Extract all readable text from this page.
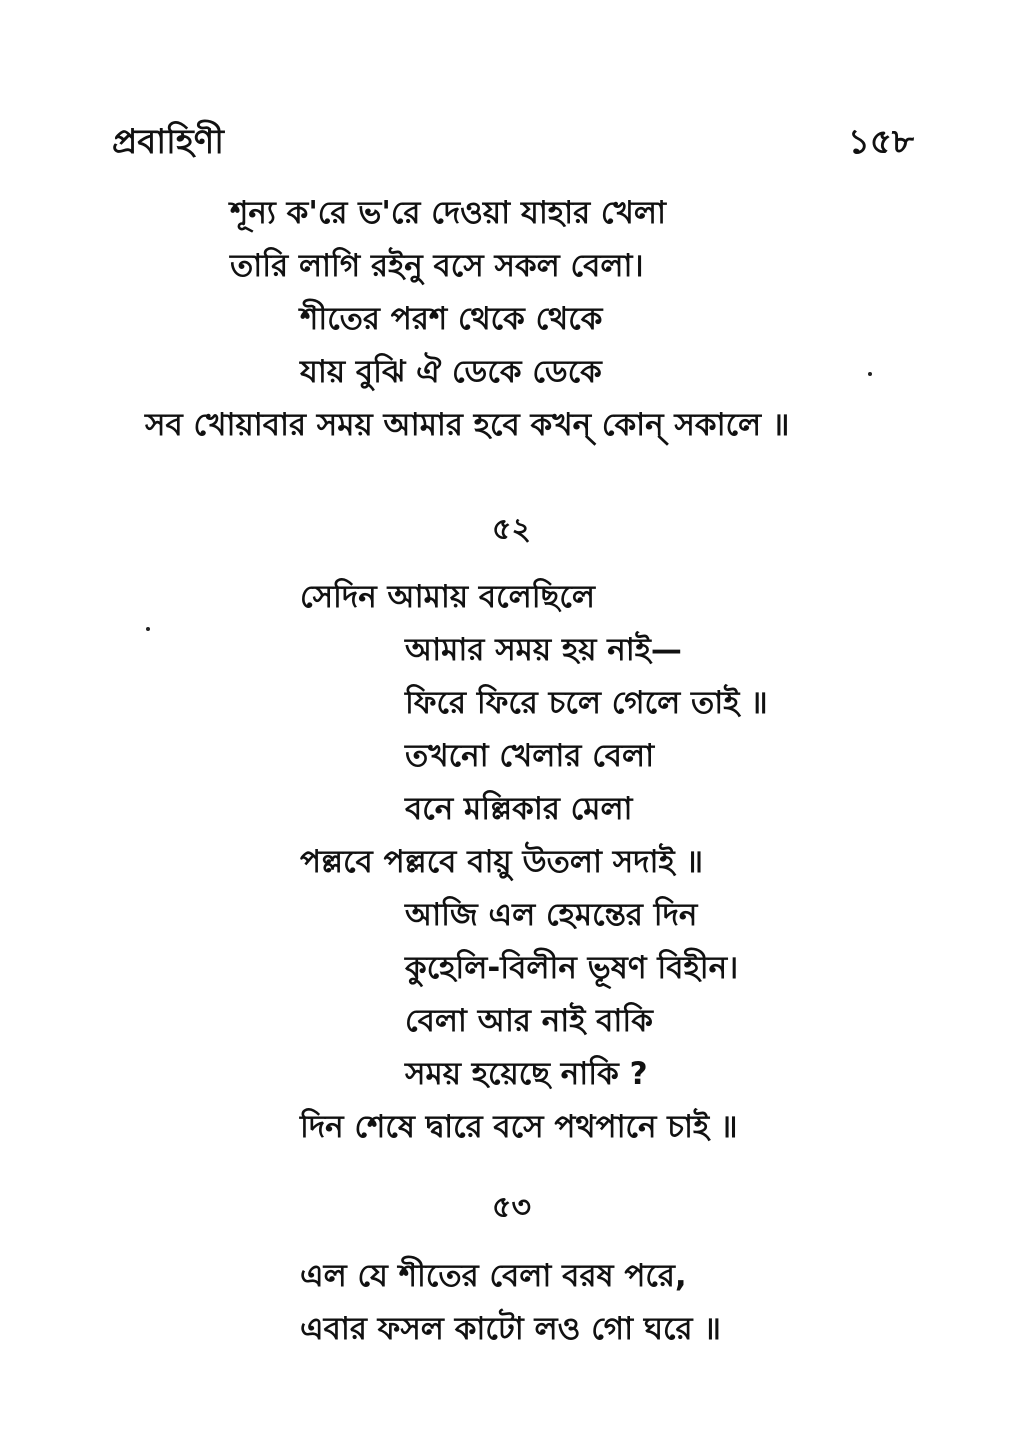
প্রবাহিণী	১৫৮
শূন্য ক'রে ভ'রে দেওয়া যাহার খেলা
তারি লাগি রইনু বসে সকল বেলা।
শীতের পরশ থেকে থেকে
যায় বুঝি ঐ ডেকে ডেকে
সব খোয়াবার সময় আমার হবে কখন্ কোন্ সকালে ॥
৫২
সেদিন আমায় বলেছিলে
আমার সময় হয় নাই—
ফিরে ফিরে চলে গেলে তাই ॥
তখনো খেলার বেলা
বনে মল্লিকার মেলা
পল্লবে পল্লবে বায়ু উতলা সদাই ॥
আজি এল হেমন্তের দিন
কুহেলি-বিলীন ভূষণ বিহীন।
বেলা আর নাই বাকি
সময় হয়েছে নাকি ?
দিন শেষে দ্বারে বসে পথপানে চাই ॥
৫৩
এল যে শীতের বেলা বরষ পরে,
এবার ফসল কাটো লও গো ঘরে ॥
